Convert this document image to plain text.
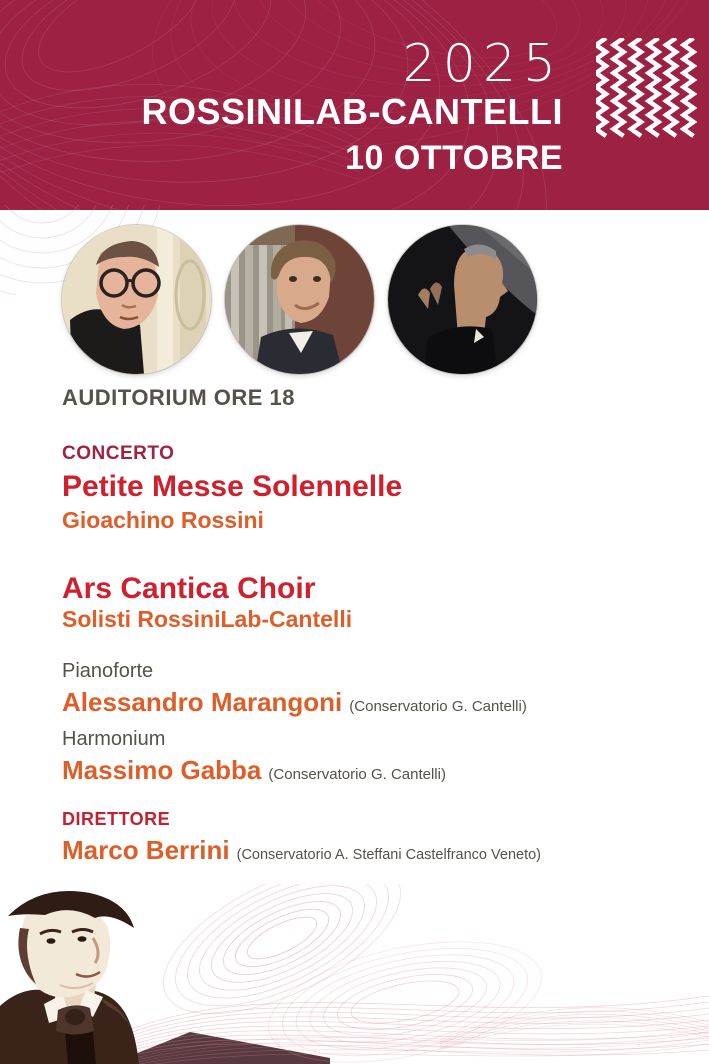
2025
ROSSINILAB-CANTELLI
10 OTTOBRE
AUDITORIUM ORE 18
CONCERTO
Petite Messe Solennelle
Gioachino Rossini
Ars Cantica Choir
Solisti RossiniLab-Cantelli
Pianoforte
Alessandro Marangoni (Conservatorio G. Cantelli)
Harmonium
Massimo Gabba (Conservatorio G. Cantelli)
DIRETTORE
Marco Berrini (Conservatorio A. Steffani Castelfranco Veneto)
